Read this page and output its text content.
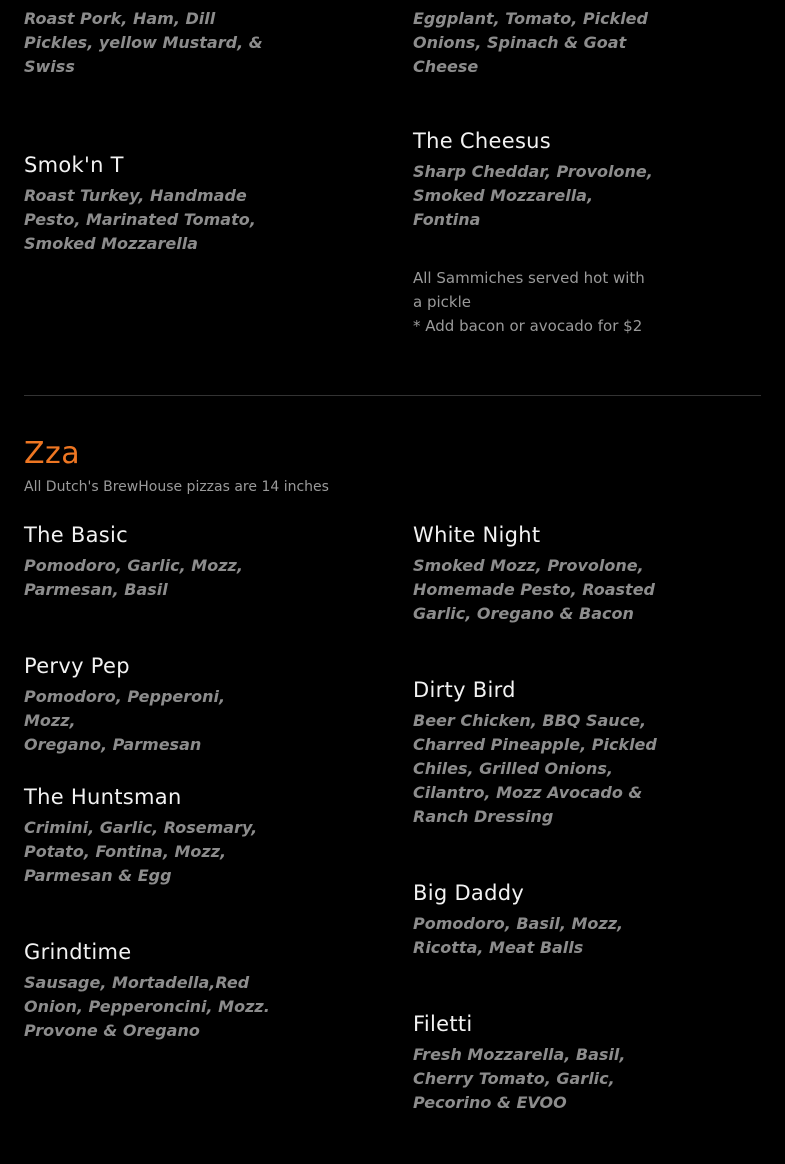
Roast Pork, Ham, Dill
Pickles, yellow Mustard, &
Swiss
Smok'n T
Roast Turkey, Handmade
Pesto, Marinated Tomato,
Smoked Mozzarella
Eggplant, Tomato, Pickled
Onions, Spinach & Goat
Cheese
The Cheesus
Sharp Cheddar, Provolone,
Smoked Mozzarella, Fontina
All Sammiches served hot with
a pickle
* Add bacon or avocado for $2
Zza
All Dutch's BrewHouse pizzas are 14 inches
The Basic
Pomodoro, Garlic, Mozz,
Parmesan, Basil
Pervy Pep
Pomodoro, Pepperoni, Mozz,
Oregano, Parmesan
The Huntsman
Crimini, Garlic, Rosemary,
Potato, Fontina, Mozz,
Parmesan & Egg
Grindtime
Sausage, Mortadella,Red
Onion, Pepperoncini, Mozz.
Provone & Oregano
White Night
Smoked Mozz, Provolone,
Homemade Pesto, Roasted
Garlic, Oregano & Bacon
Dirty Bird
Beer Chicken, BBQ Sauce,
Charred Pineapple, Pickled
Chiles, Grilled Onions,
Cilantro, Mozz Avocado &
Ranch Dressing
Big Daddy
Pomodoro, Basil, Mozz,
Ricotta, Meat Balls
Filetti
Fresh Mozzarella, Basil,
Cherry Tomato, Garlic,
Pecorino & EVOO
